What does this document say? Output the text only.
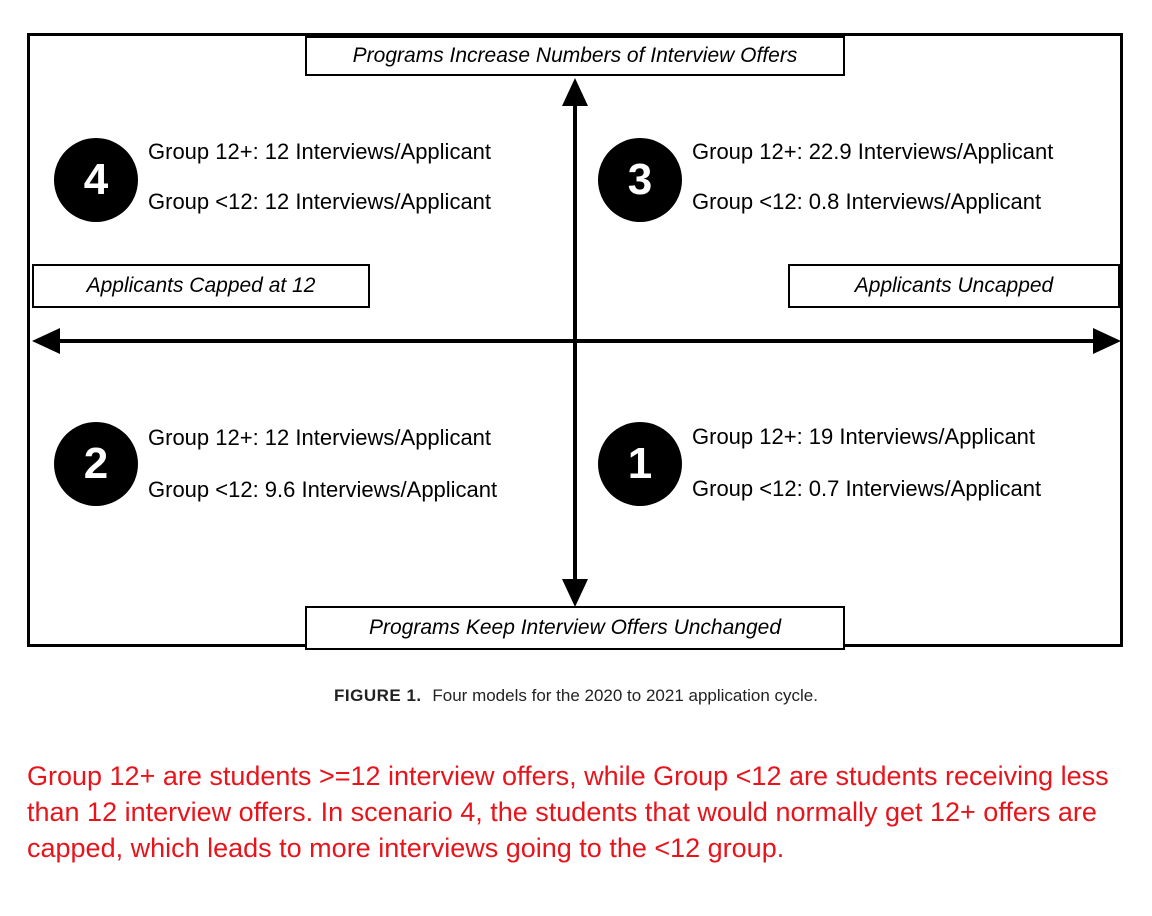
Programs Increase Numbers of Interview Offers
Programs Keep Interview Offers Unchanged
Applicants Capped at 12	Applicants Uncapped
4
Group 12+: 12 Interviews/Applicant
Group <12: 12 Interviews/Applicant	3
Group 12+: 22.9 Interviews/Applicant
Group <12: 0.8 Interviews/Applicant
2
Group 12+: 12 Interviews/Applicant
Group <12: 9.6 Interviews/Applicant
1
Group 12+: 19 Interviews/Applicant
Group <12: 0.7 Interviews/Applicant
FIGURE 1. Four models for the 2020 to 2021 application cycle.
Group 12+ are students >=12 interview offers, while Group <12 are students receiving less than 12 interview offers. In scenario 4, the students that would normally get 12+ offers are capped, which leads to more interviews going to the <12 group.
